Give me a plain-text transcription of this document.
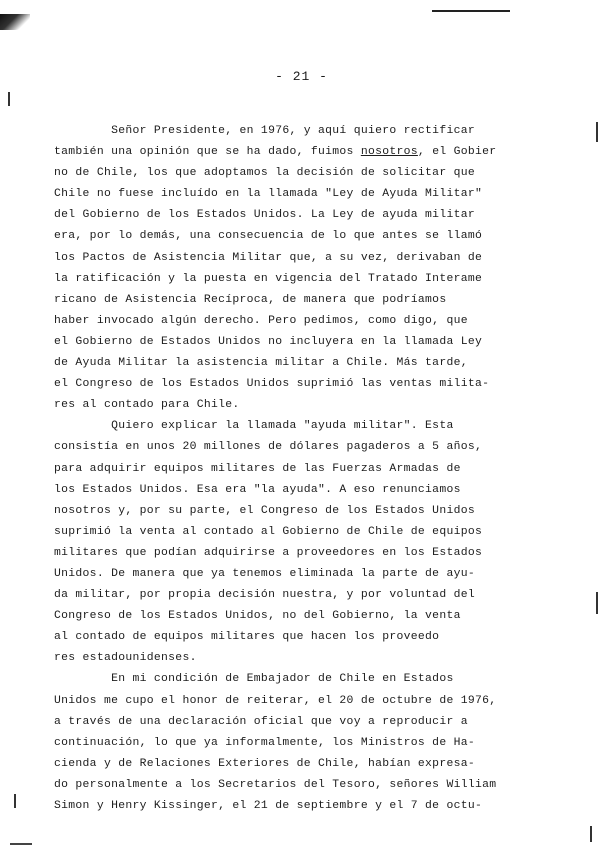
- 21 -
Señor Presidente, en 1976, y aquí quiero rectificar
también una opinión que se ha dado, fuimos nosotros, el Gobier
no de Chile, los que adoptamos la decisión de solicitar que
Chile no fuese incluído en la llamada "Ley de Ayuda Militar"
del Gobierno de los Estados Unidos. La Ley de ayuda militar
era, por lo demás, una consecuencia de lo que antes se llamó
los Pactos de Asistencia Militar que, a su vez, derivaban de
la ratificación y la puesta en vigencia del Tratado Interame
ricano de Asistencia Recíproca, de manera que podríamos
haber invocado algún derecho. Pero pedimos, como digo, que
el Gobierno de Estados Unidos no incluyera en la llamada Ley
de Ayuda Militar la asistencia militar a Chile. Más tarde,
el Congreso de los Estados Unidos suprimió las ventas milita-
res al contado para Chile.
Quiero explicar la llamada "ayuda militar". Esta
consistía en unos 20 millones de dólares pagaderos a 5 años,
para adquirir equipos militares de las Fuerzas Armadas de
los Estados Unidos. Esa era "la ayuda". A eso renunciamos
nosotros y, por su parte, el Congreso de los Estados Unidos
suprimió la venta al contado al Gobierno de Chile de equipos
militares que podían adquirirse a proveedores en los Estados
Unidos. De manera que ya tenemos eliminada la parte de ayu-
da militar, por propia decisión nuestra, y por voluntad del
Congreso de los Estados Unidos, no del Gobierno, la venta
al contado de equipos militares que hacen los proveedo
res estadounidenses.
En mi condición de Embajador de Chile en Estados
Unidos me cupo el honor de reiterar, el 20 de octubre de 1976,
a través de una declaración oficial que voy a reproducir a
continuación, lo que ya informalmente, los Ministros de Ha-
cienda y de Relaciones Exteriores de Chile, habían expresa-
do personalmente a los Secretarios del Tesoro, señores William
Simon y Henry Kissinger, el 21 de septiembre y el 7 de octu-
